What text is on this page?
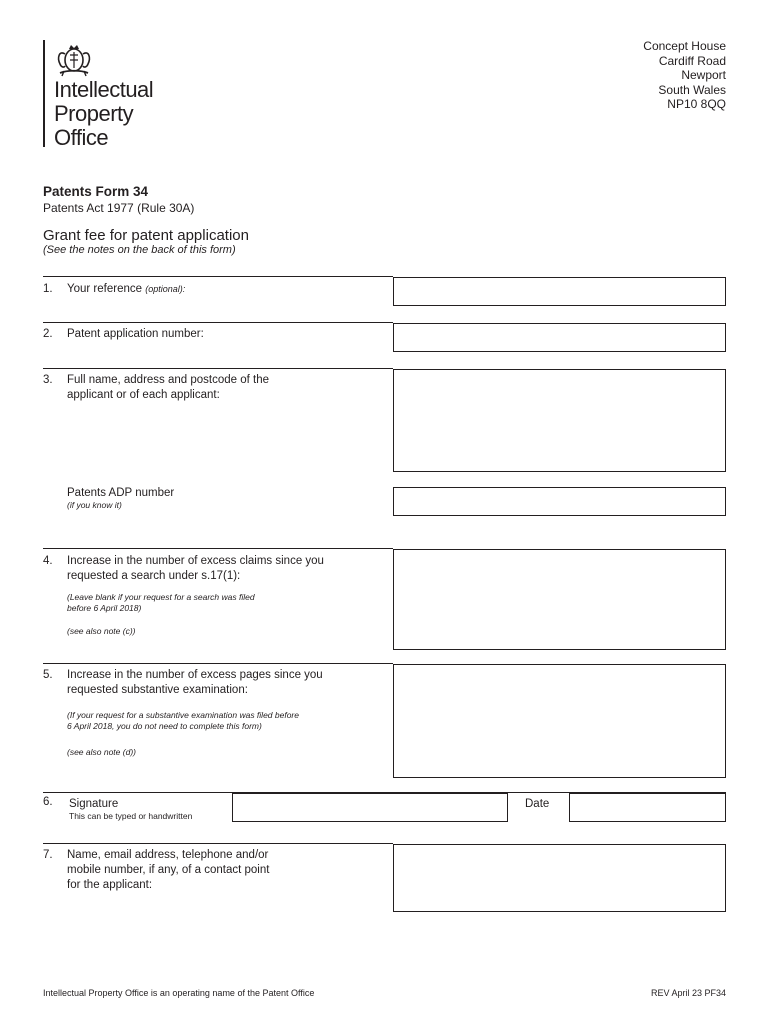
Intellectual
Property
Office
Concept House
Cardiff Road
Newport
South Wales
NP10 8QQ
Patents Form 34
Patents Act 1977 (Rule 30A)
Grant fee for patent application
(See the notes on the back of this form)
1. Your reference (optional):
2. Patent application number:
3. Full name, address and postcode of the
applicant or of each applicant:
Patents ADP number
(if you know it)
4. Increase in the number of excess claims since you
requested a search under s.17(1):
(Leave blank if your request for a search was filed
before 6 April 2018)
(see also note (c))
5. Increase in the number of excess pages since you
requested substantive examination:
(If your request for a substantive examination was filed before
6 April 2018, you do not need to complete this form)
(see also note (d))
6. Signature
This can be typed or handwritten
Date
7. Name, email address, telephone and/or
mobile number, if any, of a contact point
for the applicant:
Intellectual Property Office is an operating name of the Patent Office	REV April 23 PF34
